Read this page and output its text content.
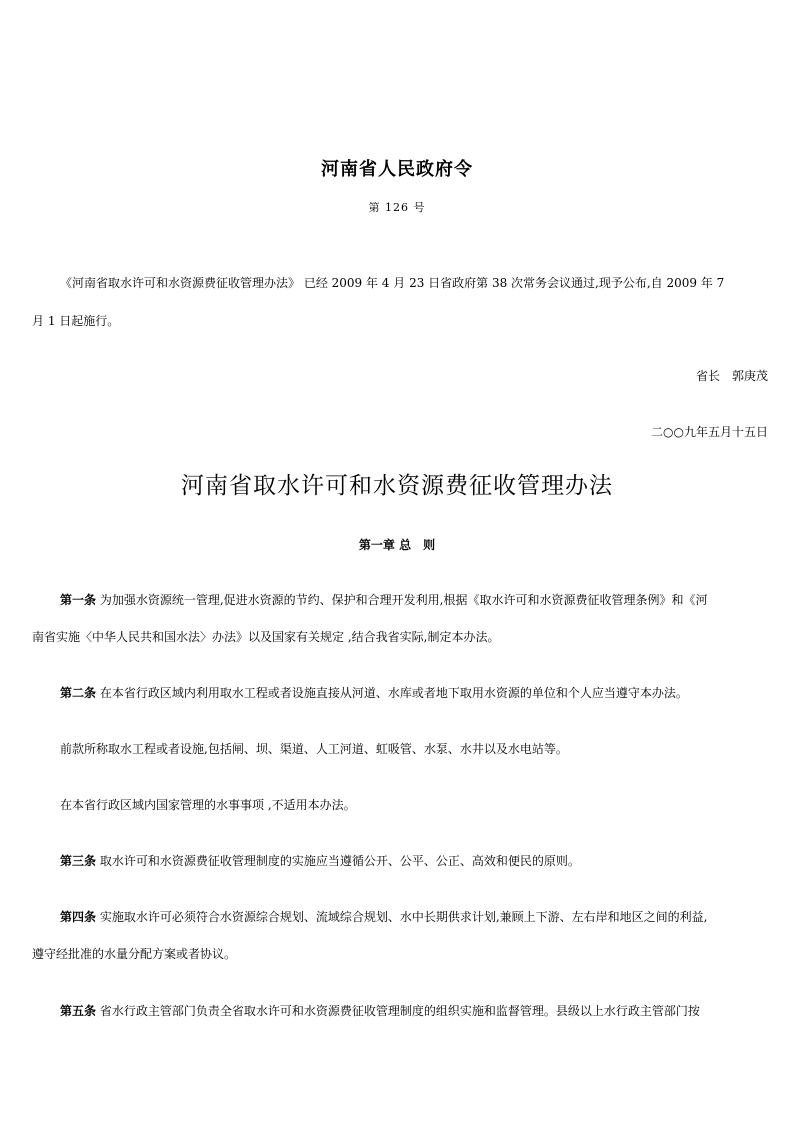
河南省人民政府令
第 126 号
《河南省取水许可和水资源费征收管理办法》 已经 2009 年 4 月 23 日省政府第 38 次常务会议通过,现予公布,自 2009 年 7
月 1 日起施行。
省长　郭庚茂
二○○九年五月十五日
河南省取水许可和水资源费征收管理办法
第一章 总　则
第一条 为加强水资源统一管理,促进水资源的节约、保护和合理开发利用,根据《取水许可和水资源费征收管理条例》和《河
南省实施〈中华人民共和国水法〉办法》以及国家有关规定 ,结合我省实际,制定本办法。
第二条 在本省行政区域内利用取水工程或者设施直接从河道、水库或者地下取用水资源的单位和个人应当遵守本办法。
前款所称取水工程或者设施,包括闸、坝、渠道、人工河道、虹吸管、水泵、水井以及水电站等。
在本省行政区域内国家管理的水事事项 ,不适用本办法。
第三条 取水许可和水资源费征收管理制度的实施应当遵循公开、公平、公正、高效和便民的原则。
第四条 实施取水许可必须符合水资源综合规划、流域综合规划、水中长期供求计划,兼顾上下游、左右岸和地区之间的利益,
遵守经批准的水量分配方案或者协议。
第五条 省水行政主管部门负责全省取水许可和水资源费征收管理制度的组织实施和监督管理。县级以上水行政主管部门按
